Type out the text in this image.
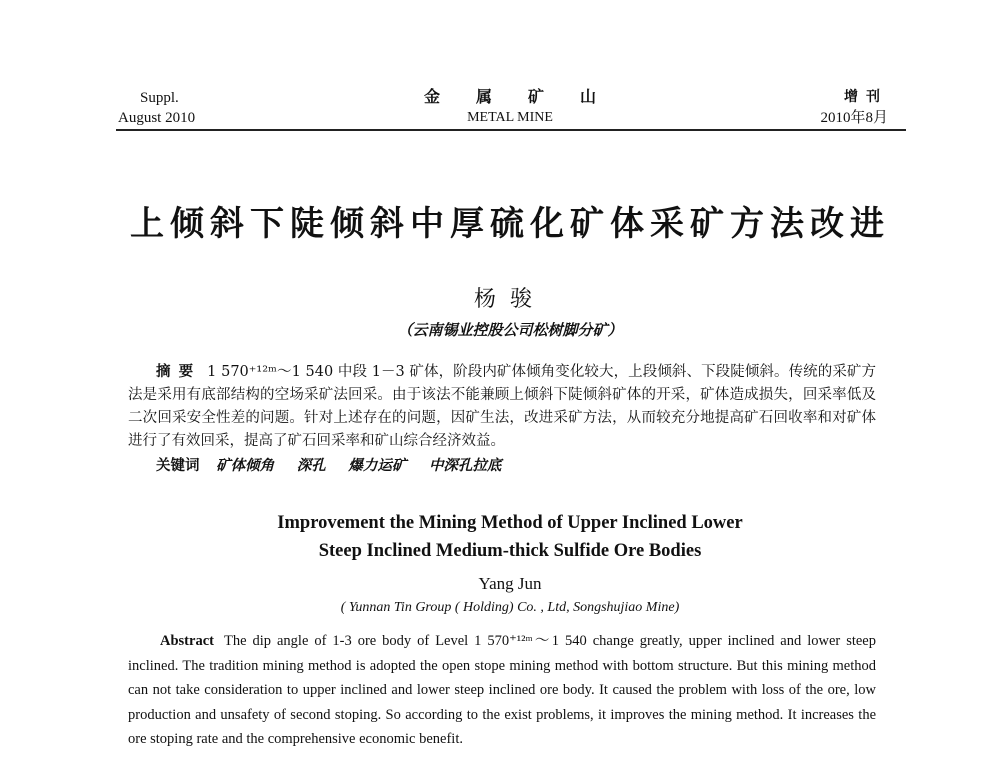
Suppl.
August 2010
金属矿山
METAL MINE
增刊
2010年8月
上倾斜下陡倾斜中厚硫化矿体采矿方法改进
杨骏
（云南锡业控股公司松树脚分矿）
摘要 1 570⁺¹²ᵐ～1 540 中段 1－3 矿体，阶段内矿体倾角变化较大，上段倾斜、下段陡倾斜。传统的采矿方法是采用有底部结构的空场采矿法回采。由于该法不能兼顾上倾斜下陡倾斜矿体的开采，矿体造成损失，回采率低及二次回采安全性差的问题。针对上述存在的问题，因矿生法，改进采矿方法，从而较充分地提高矿石回收率和对矿体进行了有效回采，提高了矿石回采率和矿山综合经济效益。
关键词 矿体倾角 深孔 爆力运矿 中深孔拉底
Improvement the Mining Method of Upper Inclined Lower
Steep Inclined Medium-thick Sulfide Ore Bodies
Yang Jun
( Yunnan Tin Group ( Holding) Co. , Ltd, Songshujiao Mine)
Abstract The dip angle of 1-3 ore body of Level 1 570⁺¹²ᵐ～1 540 change greatly, upper inclined and lower steep inclined. The tradition mining method is adopted the open stope mining method with bottom structure. But this mining method can not take consideration to upper inclined and lower steep inclined ore body. It caused the problem with loss of the ore, low production and unsafety of second stoping. So according to the exist problems, it improves the mining method. It increases the ore stoping rate and the comprehensive economic benefit.
